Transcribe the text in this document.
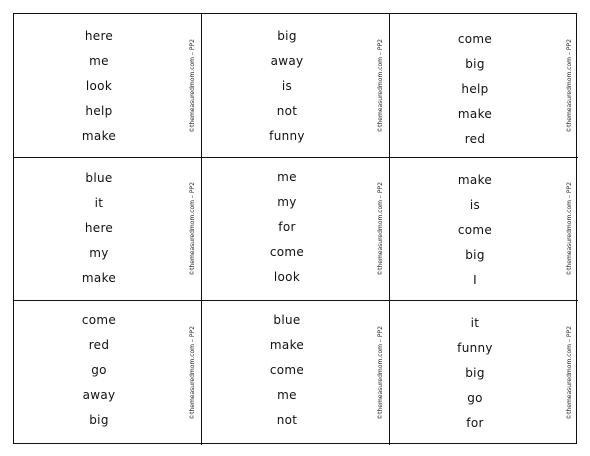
here
me
look
help
make
©themeasuredmom.com – PP2
big
away
is
not
funny
©themeasuredmom.com – PP2	come
big
help
make
red
©themeasuredmom.com – PP2
blue
it
here
my
make
©themeasuredmom.com – PP2
me
my
for
come
look
©themeasuredmom.com – PP2
make
is
come
big
I
©themeasuredmom.com – PP2
come
red
go
away
big
©themeasuredmom.com – PP2
blue
make
come
me
not
©themeasuredmom.com – PP2
it
funny
big
go
for
©themeasuredmom.com – PP2
